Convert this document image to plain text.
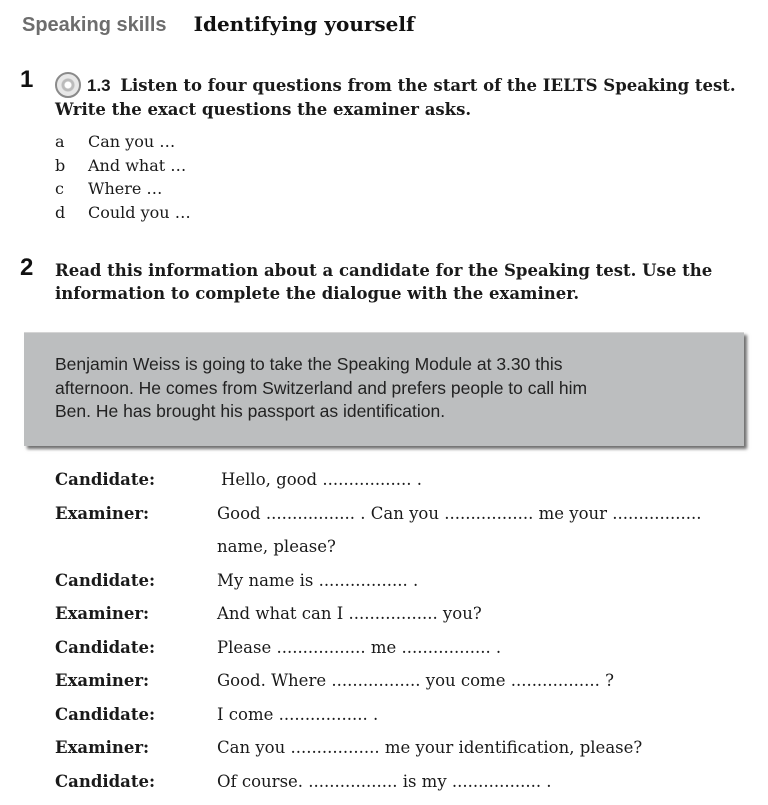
Speaking skills Identifying yourself
1	1.3 Listen to four questions from the start of the IELTS Speaking test.
Write the exact questions the examiner asks.
a Can you …
b And what …
c Where …
d Could you …
2 Read this information about a candidate for the Speaking test. Use the
information to complete the dialogue with the examiner.
Benjamin Weiss is going to take the Speaking Module at 3.30 this
afternoon. He comes from Switzerland and prefers people to call him
Ben. He has brought his passport as identification.
Candidate:	Hello, good ................. .
Examiner:	Good ................. . Can you ................. me your .................
name, please?
Candidate:	My name is ................. .
Examiner:	And what can I ................. you?
Candidate:	Please ................. me ................. .
Examiner:	Good. Where ................. you come ................. ?
Candidate:	I come ................. .
Examiner:	Can you ................. me your identification, please?
Candidate:	Of course. ................. is my ................. .
